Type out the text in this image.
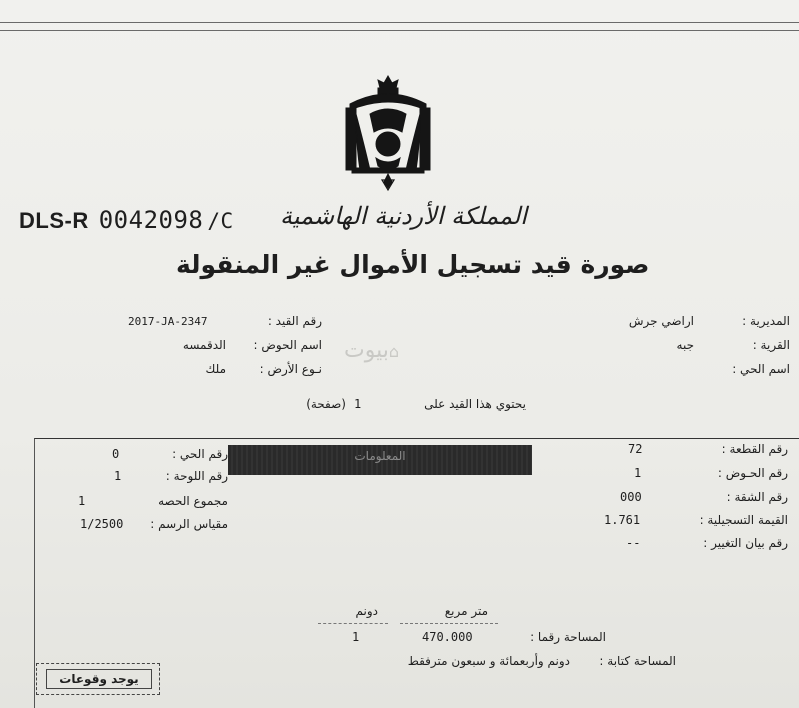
DLS-R 0042098 /C المملكة الأردنية الهاشمية
صورة قيد تسجيل الأموال غير المنقولة
بيوت⌂
رقم القيد :
2017-JA-2347
اسم الحوض :
الدقمسه
نـوع الأرض :
ملك
المديرية :
اراضي جرش
القرية :
جبه
اسم الحي :
يحتوي هذا القيد على
1
(صفحة)
المعلومات	رقم القطعة :
72
رقم الحـوض :
1
رقم الشقة :
000
القيمة التسجيلية :
1.761
رقم بيان التغيير :
--
رقم الحي :
0
رقم اللوحة :
1
مجموع الحصه
1
مقياس الرسم :
1/2500
متر مربع
دونم
المساحة رقما :
470.000
1
المساحة كتابة :
دونم وأربعمائة و سبعون مترفقط
يوجد وقوعات
